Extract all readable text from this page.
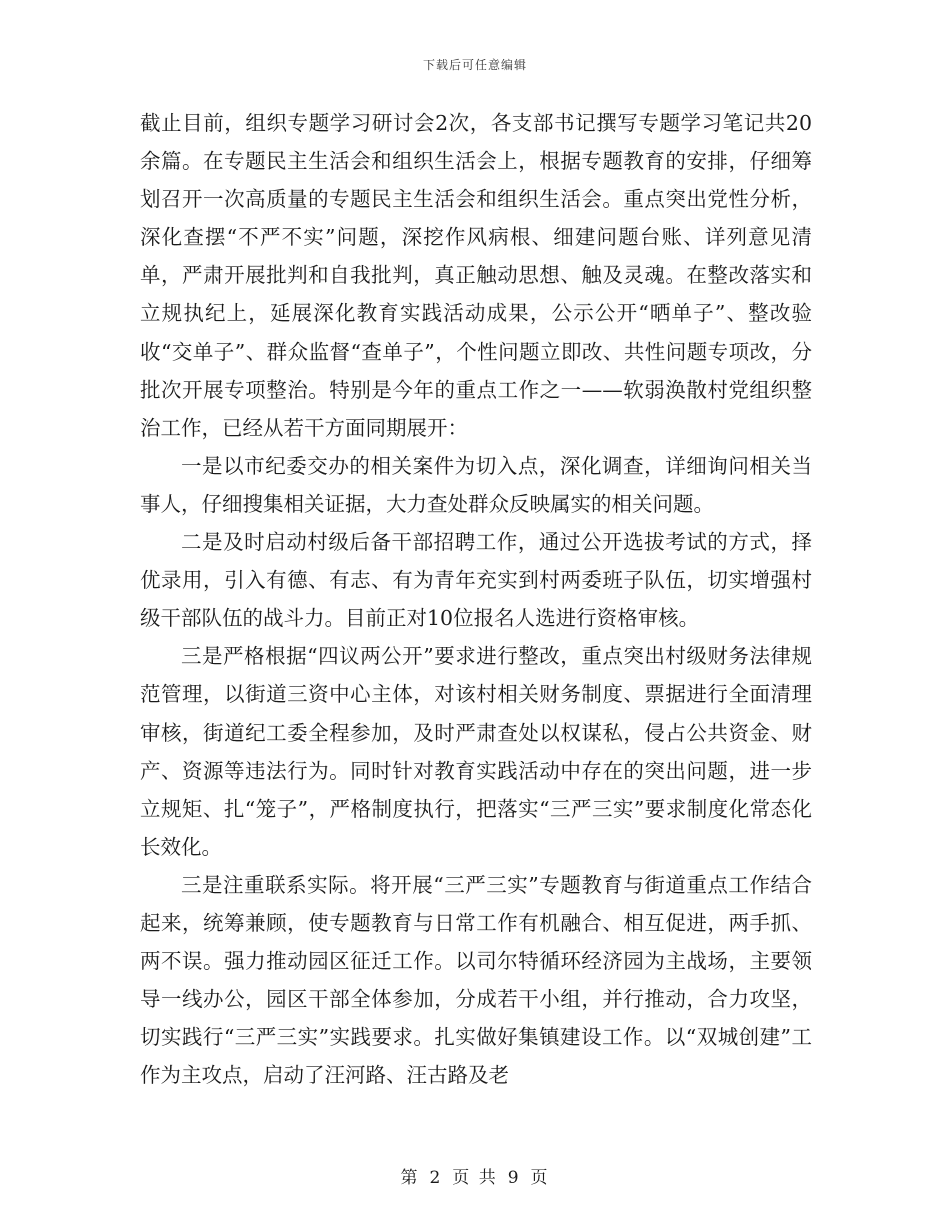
下载后可任意编辑

截止目前，组织专题学习研讨会2次，各支部书记撰写专题学习笔记共20余篇。在专题民主生活会和组织生活会上，根据专题教育的安排，仔细筹划召开一次高质量的专题民主生活会和组织生活会。重点突出党性分析，深化查摆“不严不实”问题，深挖作风病根、细建问题台账、详列意见清单，严肃开展批判和自我批判，真正触动思想、触及灵魂。在整改落实和立规执纪上，延展深化教育实践活动成果，公示公开“晒单子”、整改验收“交单子”、群众监督“查单子”，个性问题立即改、共性问题专项改，分批次开展专项整治。特别是今年的重点工作之一——软弱涣散村党组织整治工作，已经从若干方面同期展开：

一是以市纪委交办的相关案件为切入点，深化调查，详细询问相关当事人，仔细搜集相关证据，大力查处群众反映属实的相关问题。

二是及时启动村级后备干部招聘工作，通过公开选拔考试的方式，择优录用，引入有德、有志、有为青年充实到村两委班子队伍，切实增强村级干部队伍的战斗力。目前正对10位报名人选进行资格审核。

三是严格根据“四议两公开”要求进行整改，重点突出村级财务法律规范管理，以街道三资中心主体，对该村相关财务制度、票据进行全面清理审核，街道纪工委全程参加，及时严肃查处以权谋私，侵占公共资金、财产、资源等违法行为。同时针对教育实践活动中存在的突出问题，进一步立规矩、扎“笼子”，严格制度执行，把落实“三严三实”要求制度化常态化长效化。

三是注重联系实际。将开展“三严三实”专题教育与街道重点工作结合起来，统筹兼顾，使专题教育与日常工作有机融合、相互促进，两手抓、两不误。强力推动园区征迁工作。以司尔特循环经济园为主战场，主要领导一线办公，园区干部全体参加，分成若干小组，并行推动，合力攻坚，切实践行“三严三实”实践要求。扎实做好集镇建设工作。以“双城创建”工作为主攻点，启动了汪河路、汪古路及老

第 2 页 共 9 页
